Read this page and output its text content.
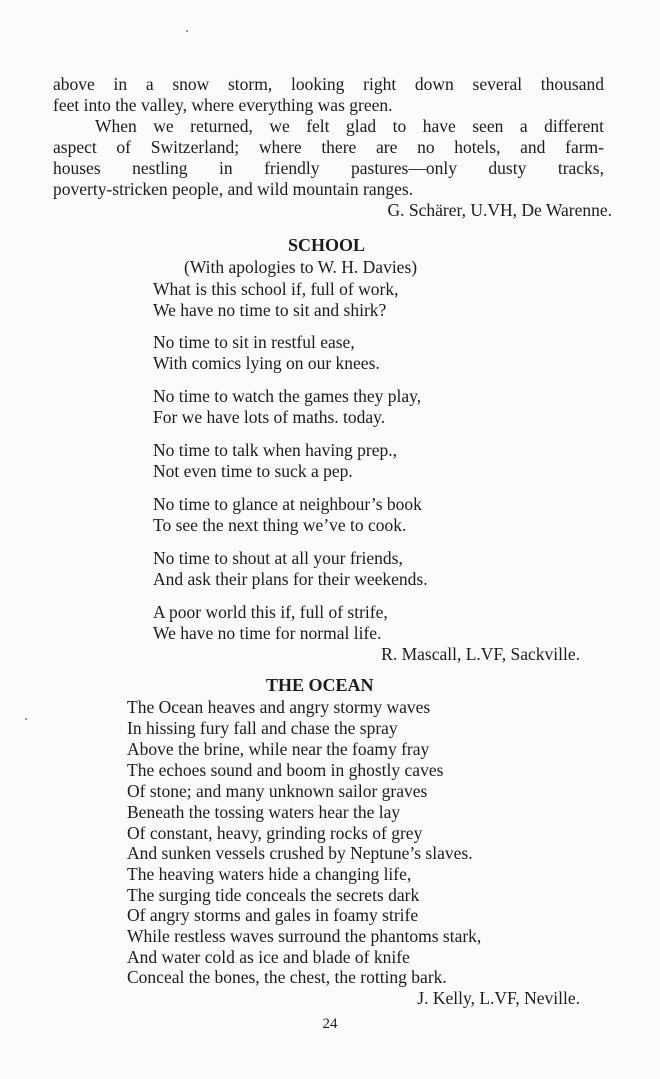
above in a snow storm, looking right down several thousand
feet into the valley, where everything was green.
When we returned, we felt glad to have seen a different
aspect of Switzerland; where there are no hotels, and farm-
houses nestling in friendly pastures—only dusty tracks,
poverty-stricken people, and wild mountain ranges.
G. Schärer, U.VH, De Warenne.
SCHOOL
(With apologies to W. H. Davies)
What is this school if, full of work,
We have no time to sit and shirk?
No time to sit in restful ease,
With comics lying on our knees.
No time to watch the games they play,
For we have lots of maths. today.
No time to talk when having prep.,
Not even time to suck a pep.
No time to glance at neighbour’s book
To see the next thing we’ve to cook.
No time to shout at all your friends,
And ask their plans for their weekends.
A poor world this if, full of strife,
We have no time for normal life.
R. Mascall, L.VF, Sackville.
THE OCEAN
The Ocean heaves and angry stormy waves
In hissing fury fall and chase the spray
Above the brine, while near the foamy fray
The echoes sound and boom in ghostly caves
Of stone; and many unknown sailor graves
Beneath the tossing waters hear the lay
Of constant, heavy, grinding rocks of grey
And sunken vessels crushed by Neptune’s slaves.
The heaving waters hide a changing life,
The surging tide conceals the secrets dark
Of angry storms and gales in foamy strife
While restless waves surround the phantoms stark,
And water cold as ice and blade of knife
Conceal the bones, the chest, the rotting bark.
J. Kelly, L.VF, Neville.
24
